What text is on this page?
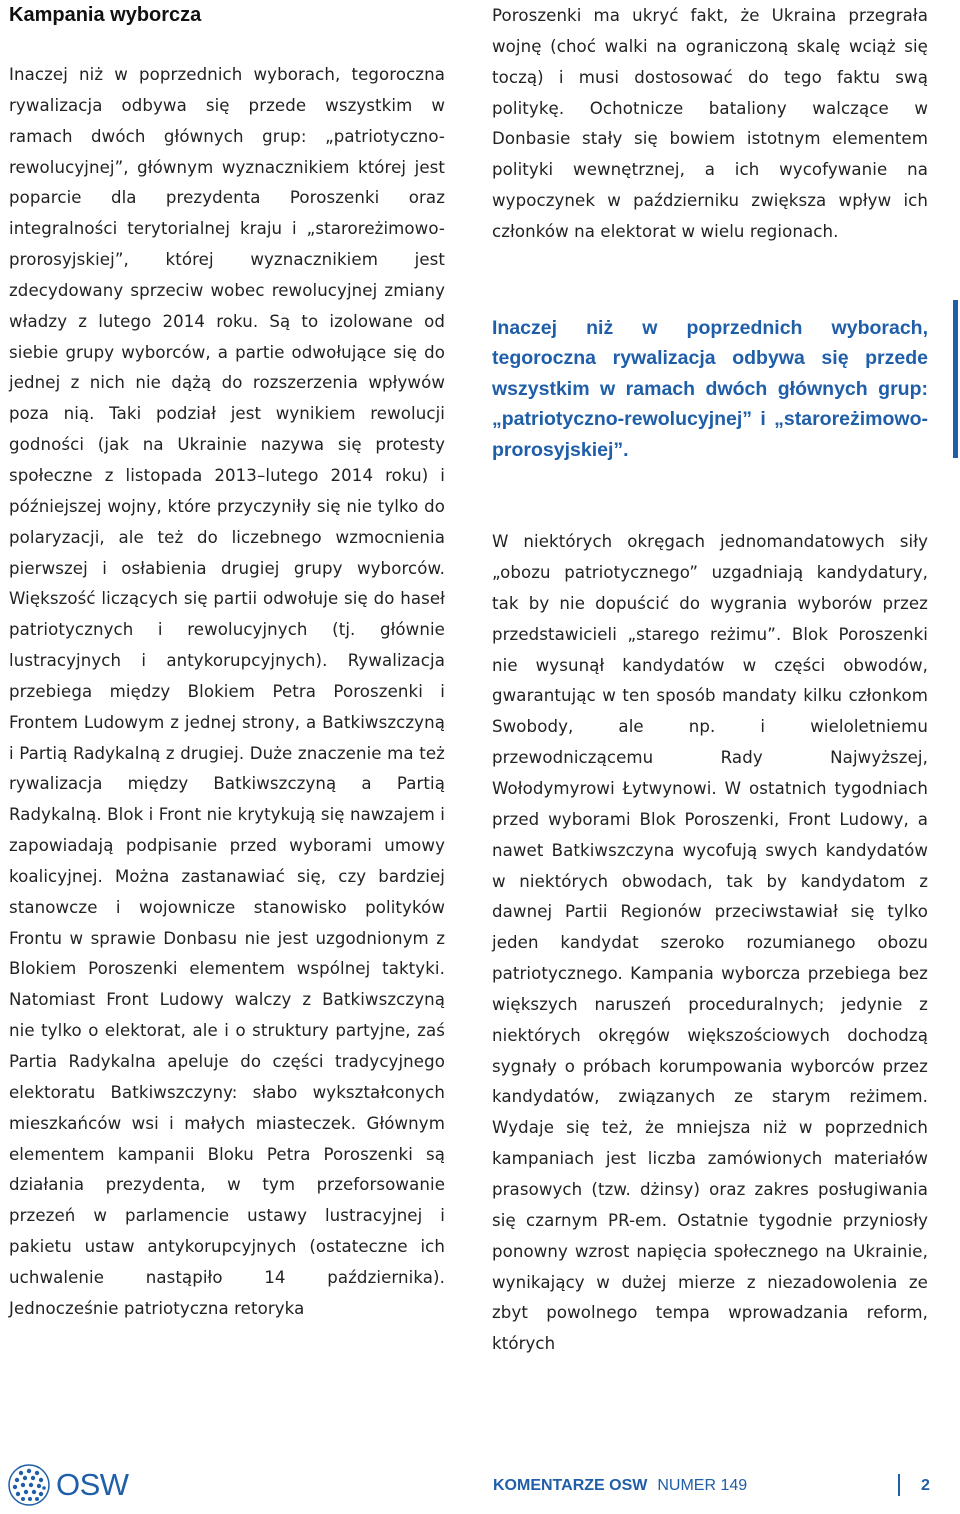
Kampania wyborcza

Inaczej niż w poprzednich wyborach, tegoroczna rywalizacja odbywa się przede wszystkim w ramach dwóch głównych grup: „patriotyczno-rewolucyjnej”, głównym wyznacznikiem której jest poparcie dla prezydenta Poroszenki oraz integralności terytorialnej kraju i „staroreżimowo-prorosyjskiej”, której wyznacznikiem jest zdecydowany sprzeciw wobec rewolucyjnej zmiany władzy z lutego 2014 roku. Są to izolowane od siebie grupy wyborców, a partie odwołujące się do jednej z nich nie dążą do rozszerzenia wpływów poza nią. Taki podział jest wynikiem rewolucji godności (jak na Ukrainie nazywa się protesty społeczne z listopada 2013–lutego 2014 roku) i późniejszej wojny, które przyczyniły się nie tylko do polaryzacji, ale też do liczebnego wzmocnienia pierwszej i osłabienia drugiej grupy wyborców. Większość liczących się partii odwołuje się do haseł patriotycznych i rewolucyjnych (tj. głównie lustracyjnych i antykorupcyjnych). Rywalizacja przebiega między Blokiem Petra Poroszenki i Frontem Ludowym z jednej strony, a Batkiwszczyną i Partią Radykalną z drugiej. Duże znaczenie ma też rywalizacja między Batkiwszczyną a Partią Radykalną. Blok i Front nie krytykują się nawzajem i zapowiadają podpisanie przed wyborami umowy koalicyjnej. Można zastanawiać się, czy bardziej stanowcze i wojownicze stanowisko polityków Frontu w sprawie Donbasu nie jest uzgodnionym z Blokiem Poroszenki elementem wspólnej taktyki. Natomiast Front Ludowy walczy z Batkiwszczyną nie tylko o elektorat, ale i o struktury partyjne, zaś Partia Radykalna apeluje do części tradycyjnego elektoratu Batkiwszczyny: słabo wykształconych mieszkańców wsi i małych miasteczek. Głównym elementem kampanii Bloku Petra Poroszenki są działania prezydenta, w tym przeforsowanie przezeń w parlamencie ustawy lustracyjnej i pakietu ustaw antykorupcyjnych (ostateczne ich uchwalenie nastąpiło 14 października). Jednocześnie patriotyczna retoryka

Poroszenki ma ukryć fakt, że Ukraina przegrała wojnę (choć walki na ograniczoną skalę wciąż się toczą) i musi dostosować do tego faktu swą politykę. Ochotnicze bataliony walczące w Donbasie stały się bowiem istotnym elementem polityki wewnętrznej, a ich wycofywanie na wypoczynek w październiku zwiększa wpływ ich członków na elektorat w wielu regionach.

Inaczej niż w poprzednich wyborach, tegoroczna rywalizacja odbywa się przede wszystkim w ramach dwóch głównych grup: „patriotyczno-rewolucyjnej” i „staroreżimowo-prorosyjskiej”.

W niektórych okręgach jednomandatowych siły „obozu patriotycznego” uzgadniają kandydatury, tak by nie dopuścić do wygrania wyborów przez przedstawicieli „starego reżimu”. Blok Poroszenki nie wysunął kandydatów w części obwodów, gwarantując w ten sposób mandaty kilku członkom Swobody, ale np. i wieloletniemu przewodniczącemu Rady Najwyższej, Wołodymyrowi Łytwynowi. W ostatnich tygodniach przed wyborami Blok Poroszenki, Front Ludowy, a nawet Batkiwszczyna wycofują swych kandydatów w niektórych obwodach, tak by kandydatom z dawnej Partii Regionów przeciwstawiał się tylko jeden kandydat szeroko rozumianego obozu patriotycznego. Kampania wyborcza przebiega bez większych naruszeń proceduralnych; jedynie z niektórych okręgów większościowych dochodzą sygnały o próbach korumpowania wyborców przez kandydatów, związanych ze starym reżimem. Wydaje się też, że mniejsza niż w poprzednich kampaniach jest liczba zamówionych materiałów prasowych (tzw. dżinsy) oraz zakres posługiwania się czarnym PR-em. Ostatnie tygodnie przyniosły ponowny wzrost napięcia społecznego na Ukrainie, wynikający w dużej mierze z niezadowolenia ze zbyt powolnego tempa wprowadzania reform, których

OSW	KOMENTARZE OSW NUMER 149	2
